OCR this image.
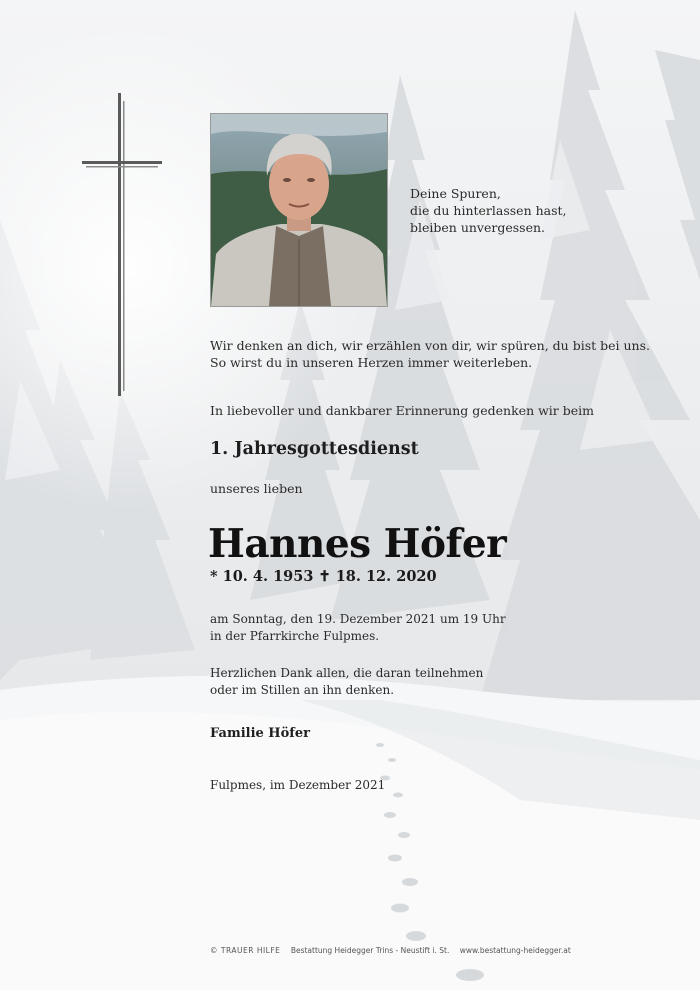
Deine Spuren,
die du hinterlassen hast,
bleiben unvergessen.
Wir denken an dich, wir erzählen von dir, wir spüren, du bist bei uns.
So wirst du in unseren Herzen immer weiterleben.
In liebevoller und dankbarer Erinnerung gedenken wir beim
1. Jahresgottesdienst
unseres lieben
Hannes Höfer
* 10. 4. 1953 ✝ 18. 12. 2020
am Sonntag, den 19. Dezember 2021 um 19 Uhr
in der Pfarrkirche Fulpmes.
Herzlichen Dank allen, die daran teilnehmen
oder im Stillen an ihn denken.
Familie Höfer
Fulpmes, im Dezember 2021
© TRAUER HILFE Bestattung Heidegger Trins - Neustift i. St. www.bestattung-heidegger.at
